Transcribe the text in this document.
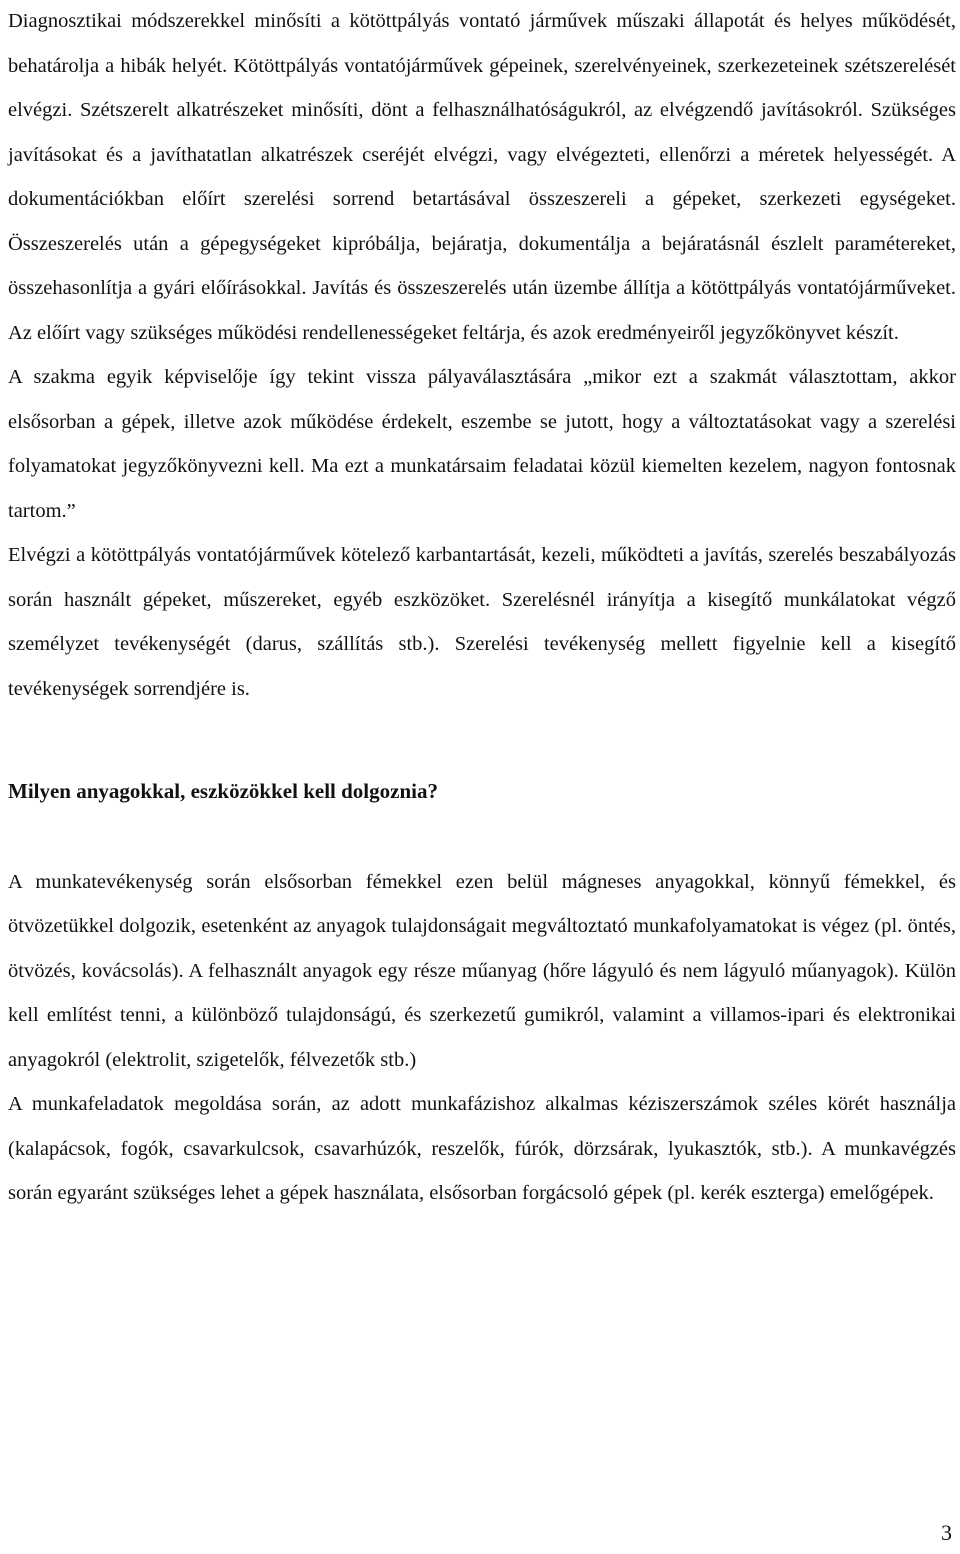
Diagnosztikai módszerekkel minősíti a kötöttpályás vontató járművek műszaki állapotát és helyes működését, behatárolja a hibák helyét. Kötöttpályás vontatójárművek gépeinek, szerelvényeinek, szerkezeteinek szétszerelését elvégzi. Szétszerelt alkatrészeket minősíti, dönt a felhasználhatóságukról, az elvégzendő javításokról. Szükséges javításokat és a javíthatatlan alkatrészek cseréjét elvégzi, vagy elvégezteti, ellenőrzi a méretek helyességét. A dokumentációkban előírt szerelési sorrend betartásával összeszereli a gépeket, szerkezeti egységeket. Összeszerelés után a gépegységeket kipróbálja, bejáratja, dokumentálja a bejáratásnál észlelt paramétereket, összehasonlítja a gyári előírásokkal. Javítás és összeszerelés után üzembe állítja a kötöttpályás vontatójárműveket. Az előírt vagy szükséges működési rendellenességeket feltárja, és azok eredményeiről jegyzőkönyvet készít.

A szakma egyik képviselője így tekint vissza pályaválasztására „mikor ezt a szakmát választottam, akkor elsősorban a gépek, illetve azok működése érdekelt, eszembe se jutott, hogy a változtatásokat vagy a szerelési folyamatokat jegyzőkönyvezni kell. Ma ezt a munkatársaim feladatai közül kiemelten kezelem, nagyon fontosnak tartom.”

Elvégzi a kötöttpályás vontatójárművek kötelező karbantartását, kezeli, működteti a javítás, szerelés beszabályozás során használt gépeket, műszereket, egyéb eszközöket. Szerelésnél irányítja a kisegítő munkálatokat végző személyzet tevékenységét (darus, szállítás stb.). Szerelési tevékenység mellett figyelnie kell a kisegítő tevékenységek sorrendjére is.

Milyen anyagokkal, eszközökkel kell dolgoznia?

A munkatevékenység során elsősorban fémekkel ezen belül mágneses anyagokkal, könnyű fémekkel, és ötvözetükkel dolgozik, esetenként az anyagok tulajdonságait megváltoztató munkafolyamatokat is végez (pl. öntés, ötvözés, kovácsolás). A felhasznált anyagok egy része műanyag (hőre lágyuló és nem lágyuló műanyagok). Külön kell említést tenni, a különböző tulajdonságú, és szerkezetű gumikról, valamint a villamos-ipari és elektronikai anyagokról (elektrolit, szigetelők, félvezetők stb.)

A munkafeladatok megoldása során, az adott munkafázishoz alkalmas kéziszerszámok széles körét használja (kalapácsok, fogók, csavarkulcsok, csavarhúzók, reszelők, fúrók, dörzsárak, lyukasztók, stb.). A munkavégzés során egyaránt szükséges lehet a gépek használata, elsősorban forgácsoló gépek (pl. kerék eszterga) emelőgépek.

3
